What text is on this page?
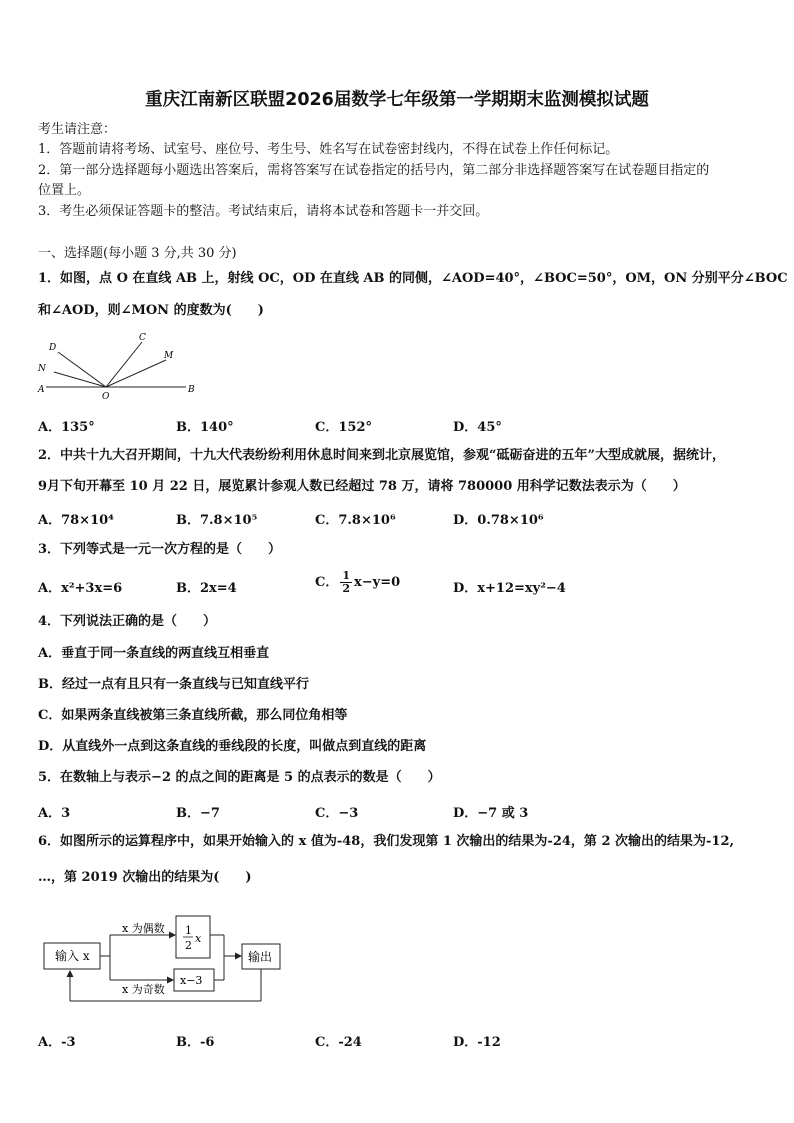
重庆江南新区联盟2026届数学七年级第一学期期末监测模拟试题
考生请注意：
1．答题前请将考场、试室号、座位号、考生号、姓名写在试卷密封线内，不得在试卷上作任何标记。
2．第一部分选择题每小题选出答案后，需将答案写在试卷指定的括号内，第二部分非选择题答案写在试卷题目指定的
位置上。
3．考生必须保证答题卡的整洁。考试结束后，请将本试卷和答题卡一并交回。
一、选择题(每小题 3 分,共 30 分)
1．如图，点 O 在直线 AB 上，射线 OC，OD 在直线 AB 的同侧，∠AOD=40°，∠BOC=50°，OM，ON 分别平分∠BOC
和∠AOD，则∠MON 的度数为(　　)
D
C
M
N
A
O
B
A．135°	B．140°	C．152°	D．45°
2．中共十九大召开期间，十九大代表纷纷利用休息时间来到北京展览馆，参观“砥砺奋进的五年”大型成就展，据统计，
9月下旬开幕至 10 月 22 日，展览累计参观人数已经超过 78 万，请将 780000 用科学记数法表示为（　　）
A．78×10⁴	B．7.8×10⁵	C．7.8×10⁶	D．0.78×10⁶
3．下列等式是一元一次方程的是（　　）
A．x²+3x=6	B．2x=4	C． $\frac{1}{2} x-y=0$	D．x+12=xy²−4
4．下列说法正确的是（　　）
A．垂直于同一条直线的两直线互相垂直
B．经过一点有且只有一条直线与已知直线平行
C．如果两条直线被第三条直线所截，那么同位角相等
D．从直线外一点到这条直线的垂线段的长度，叫做点到直线的距离
5．在数轴上与表示−2 的点之间的距离是 5 的点表示的数是（　　）
A．3	B．−7	C．−3	D．−7 或 3
6．如图所示的运算程序中，如果开始输入的 x 值为-48，我们发现第 1 次输出的结果为-24，第 2 次输出的结果为-12,
…，第 2019 次输出的结果为(　　)
输入 x
x 为偶数
x 为奇数
1
2
x
x−3
输出
A．-3	B．-6	C．-24	D．-12
